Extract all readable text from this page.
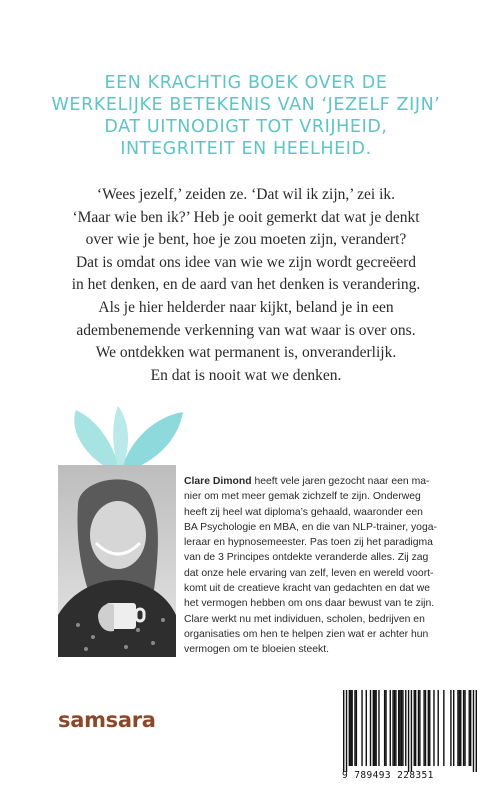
EEN KRACHTIG BOEK OVER DE
WERKELIJKE BETEKENIS VAN ‘JEZELF ZIJN’
DAT UITNODIGT TOT VRIJHEID,
INTEGRITEIT EN HEELHEID.
‘Wees jezelf,’ zeiden ze. ‘Dat wil ik zijn,’ zei ik.
‘Maar wie ben ik?’ Heb je ooit gemerkt dat wat je denkt
over wie je bent, hoe je zou moeten zijn, verandert?
Dat is omdat ons idee van wie we zijn wordt gecreëerd
in het denken, en de aard van het denken is verandering.
Als je hier helderder naar kijkt, beland je in een
adembenemende verkenning van wat waar is over ons.
We ontdekken wat permanent is, onveranderlijk.
En dat is nooit wat we denken.
Clare Dimond heeft vele jaren gezocht naar een ma-
nier om met meer gemak zichzelf te zijn. Onderweg
heeft zij heel wat diploma’s gehaald, waaronder een
BA Psychologie en MBA, en die van NLP-trainer, yoga-
leraar en hypnosemeester. Pas toen zij het paradigma
van de 3 Principes ontdekte veranderde alles. Zij zag
dat onze hele ervaring van zelf, leven en wereld voort-
komt uit de creatieve kracht van gedachten en dat we
het vermogen hebben om ons daar bewust van te zijn.
Clare werkt nu met individuen, scholen, bedrijven en
organisaties om hen te helpen zien wat er achter hun
vermogen om te bloeien steekt.
samsara
9 789493 228351
